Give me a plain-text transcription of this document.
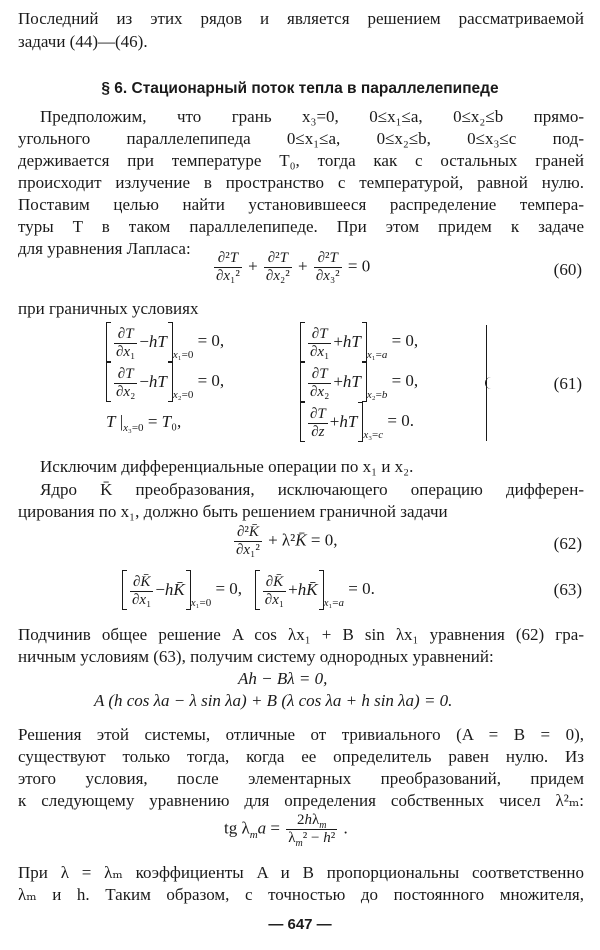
Последний из этих рядов и является решением рассматриваемой
задачи (44)—(46).
§ 6. Стационарный поток тепла в параллелепипеде
Предположим, что грань x₃=0, 0≤x₁≤a, 0≤x₂≤b прямо-
угольного параллелепипеда 0≤x₁≤a, 0≤x₂≤b, 0≤x₃≤c под-
держивается при температуре T₀, тогда как с остальных граней
происходит излучение в пространство с температурой, равной нулю.
Поставим целью найти установившееся распределение темпера-
туры T в таком параллелепипеде. При этом придем к задаче
для уравнения Лапласа:
$\frac{\text{∂²T}}{\text{∂x₁²}} + \frac{\text{∂²T}}{\text{∂x₂²}} + \frac{\text{∂²T}}{\text{∂x₃²}} = 0$	(60)
при граничных условиях
$\frac{\partial T}{\text{∂x₁}} -hT_{x_1=0} = 0$,	$\frac{\partial T}{\text{∂x₁}} +hT_{x_1=a} = 0$,
$\frac{\partial T}{\text{∂x₂}} -hT_{x_2=0} = 0$,	$\frac{\partial T}{\text{∂x₂}} +hT_{x_2=b} = 0$,
T $|_{x_3=0} = T_0$,	$\frac{\partial T}{\partial z} +hT_{x_3=c} = 0$.
(61)
Исключим дифференциальные операции по x₁ и x₂.
Ядро K̄ преобразования, исключающего операцию дифферен-
цирования по x₁, должно быть решением граничной задачи
$\frac{\text{∂²K̄}}{\text{∂x₁²}}$ + λ²K̄ = 0,	(62)
$\frac{\partial K̄}{\text{∂x₁}}$ $-hK̄_{x_1=0} = 0$, $\frac{\partial K̄}{\text{∂x₁}}$ $+hK̄_{x_1=a} = 0$.	(63)
Подчинив общее решение A cos λx₁ + B sin λx₁ уравнения (62) гра-
ничным условиям (63), получим систему однородных уравнений:
Ah − Bλ = 0,
A (h cos λa − λ sin λa) + B (λ cos λa + h sin λa) = 0.
Решения этой системы, отличные от тривиального (A = B = 0),
существуют только тогда, когда ее определитель равен нулю. Из
этого условия, после элементарных преобразований, придем
к следующему уравнению для определения собственных чисел λ²ₘ:
tg $\lambda_ma = \frac{2h\lambda_m}{\lambda_m^2 - h^2}$ .
При λ = λₘ коэффициенты A и B пропорциональны соответственно
λₘ и h. Таким образом, с точностью до постоянного множителя,
— 647 —
